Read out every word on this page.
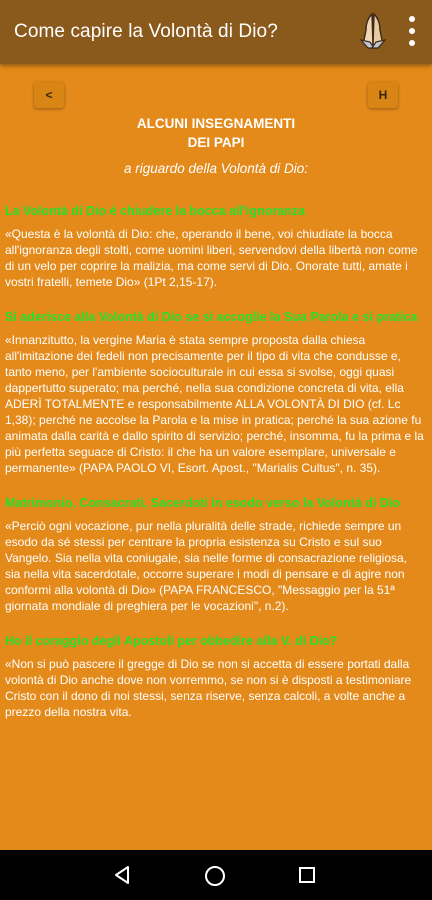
Come capire la Volontà di Dio?
<	H
ALCUNI INSEGNAMENTI
DEI PAPI
a riguardo della Volontà di Dio:

La Volontà di Dio è chiudere la bocca all'ignoranza

«Questa è la volontà di Dio: che, operando il bene, voi chiudiate la bocca all'ignoranza degli stolti, come uomini liberi, servendovi della libertà non come di un velo per coprire la malizia, ma come servi di Dio. Onorate tutti, amate i vostri fratelli, temete Dio» (1Pt 2,15-17).

Si aderisce alla Volontà di Dio se si accoglie la Sua Parola e si pratica

«Innanzitutto, la vergine Maria è stata sempre proposta dalla chiesa all'imitazione dei fedeli non precisamente per il tipo di vita che condusse e, tanto meno, per l'ambiente socioculturale in cui essa si svolse, oggi quasi dappertutto superato; ma perché, nella sua condizione concreta di vita, ella ADERÌ TOTALMENTE e responsabilmente ALLA VOLONTÀ DI DIO (cf. Lc 1,38); perché ne accolse la Parola e la mise in pratica; perché la sua azione fu animata dalla carità e dallo spirito di servizio; perché, insomma, fu la prima e la più perfetta seguace di Cristo: il che ha un valore esemplare, universale e permanente» (PAPA PAOLO VI, Esort. Apost., "Marialis Cultus", n. 35).

Matrimonio, Consacrati, Sacerdoti in esodo verso la Volontà di Dio

«Perciò ogni vocazione, pur nella pluralità delle strade, richiede sempre un esodo da sé stessi per centrare la propria esistenza su Cristo e sul suo Vangelo. Sia nella vita coniugale, sia nelle forme di consacrazione religiosa, sia nella vita sacerdotale, occorre superare i modi di pensare e di agire non conformi alla volontà di Dio» (PAPA FRANCESCO, "Messaggio per la 51ª giornata mondiale di preghiera per le vocazioni", n.2).

Ho il coraggio degli Apostoli per obbedire alla V. di Dio?

«Non si può pascere il gregge di Dio se non si accetta di essere portati dalla volontà di Dio anche dove non vorremmo, se non si è disposti a testimoniare Cristo con il dono di noi stessi, senza riserve, senza calcoli, a volte anche a prezzo della nostra vita.
